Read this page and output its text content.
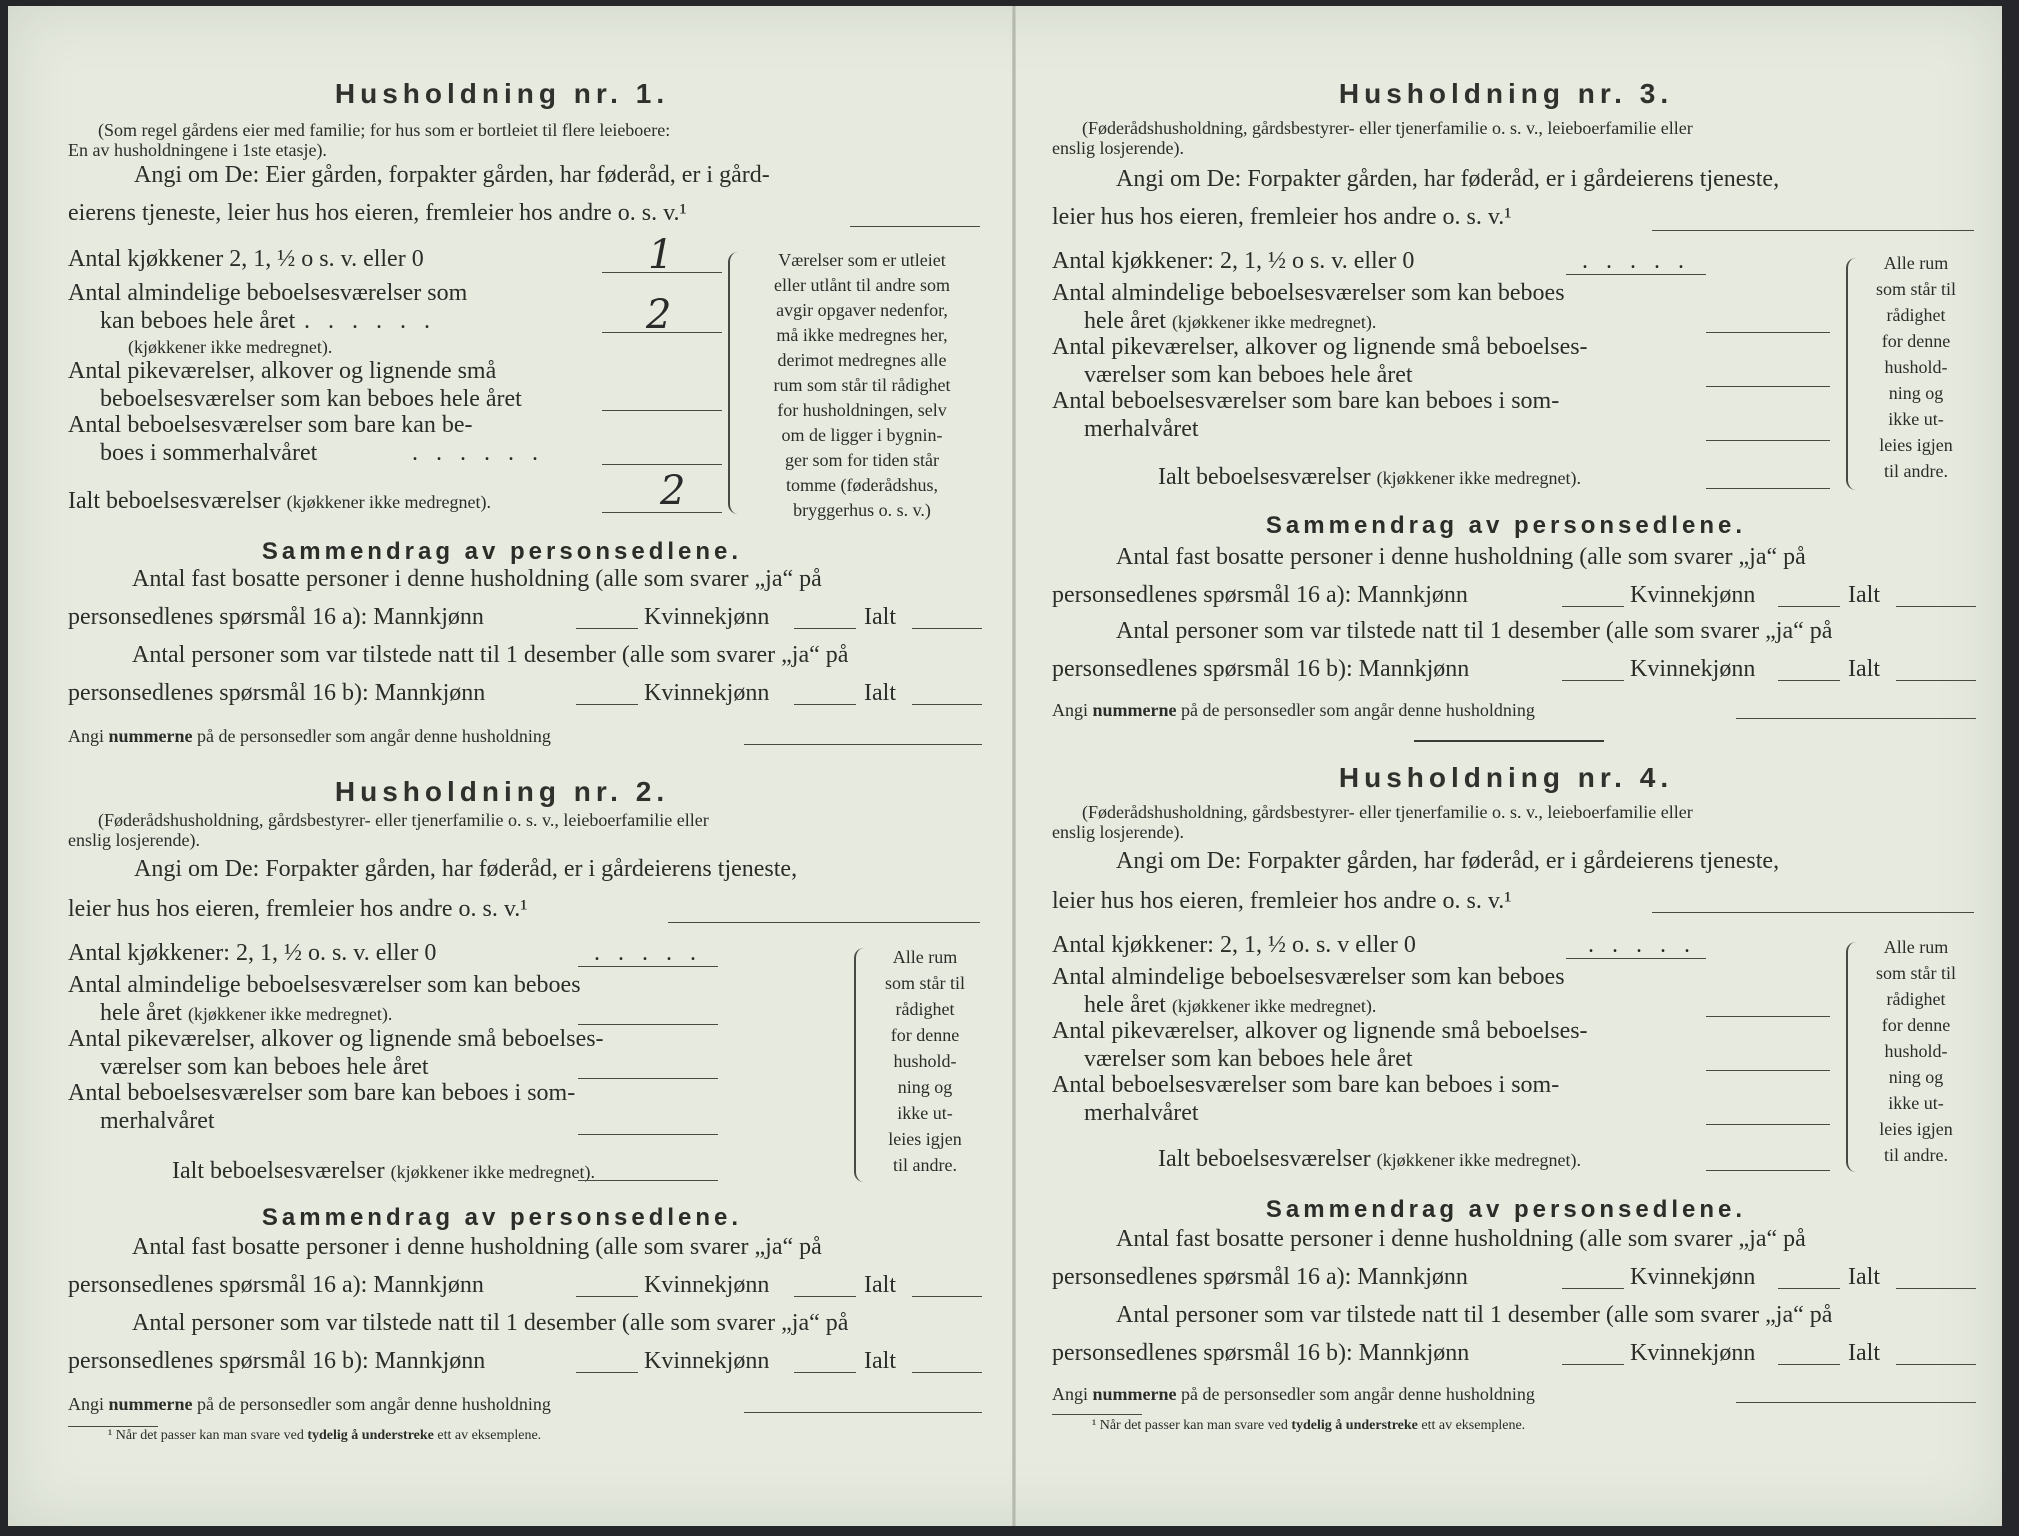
Husholdning nr. 1.
(Som regel gårdens eier med familie; for hus som er bortleiet til flere leieboere:
En av husholdningene i 1ste etasje).
Angi om De: Eier gården, forpakter gården, har føderåd, er i gård-
eierens tjeneste, leier hus hos eieren, fremleier hos andre o. s. v.¹
Antal kjøkkener 2, 1, ½ o s. v. eller 0	1
Antal almindelige beboelsesværelser som
kan beboes hele året
. . . . . . .	2
(kjøkkener ikke medregnet).
Antal pikeværelser, alkover og lignende små
beboelsesværelser som kan beboes hele året
Antal beboelsesværelser som bare kan be-
boes i sommerhalvåret	. . . . . .
Ialt beboelsesværelser (kjøkkener ikke medregnet).	2
Værelser som er utleiet
eller utlånt til andre som
avgir opgaver nedenfor,
må ikke medregnes her,
derimot medregnes alle
rum som står til rådighet
for husholdningen, selv
om de ligger i bygnin-
ger som for tiden står
tomme (føderådshus,
bryggerhus o. s. v.)
Sammendrag av personsedlene.
Antal fast bosatte personer i denne husholdning (alle som svarer „ja“ på
personsedlenes spørsmål 16 a): Mannkjønn	Kvinnekjønn	Ialt
Antal personer som var tilstede natt til 1 desember (alle som svarer „ja“ på
personsedlenes spørsmål 16 b): Mannkjønn	Kvinnekjønn	Ialt
Angi nummerne på de personsedler som angår denne husholdning
Husholdning nr. 2.
(Føderådshusholdning, gårdsbestyrer- eller tjenerfamilie o. s. v., leieboerfamilie eller
enslig losjerende).
Angi om De: Forpakter gården, har føderåd, er i gårdeierens tjeneste,
leier hus hos eieren, fremleier hos andre o. s. v.¹
Antal kjøkkener: 2, 1, ½ o. s. v. eller 0	. . . . .
Antal almindelige beboelsesværelser som kan beboes
hele året (kjøkkener ikke medregnet).
Antal pikeværelser, alkover og lignende små beboelses-
værelser som kan beboes hele året
Antal beboelsesværelser som bare kan beboes i som-
merhalvåret
Ialt beboelsesværelser (kjøkkener ikke medregnet).
Alle rum
som står til
rådighet
for denne
hushold-
ning og
ikke ut-
leies igjen
til andre.
Sammendrag av personsedlene.
Antal fast bosatte personer i denne husholdning (alle som svarer „ja“ på
personsedlenes spørsmål 16 a): Mannkjønn	Kvinnekjønn	Ialt
Antal personer som var tilstede natt til 1 desember (alle som svarer „ja“ på
personsedlenes spørsmål 16 b): Mannkjønn	Kvinnekjønn	Ialt
Angi nummerne på de personsedler som angår denne husholdning
¹ Når det passer kan man svare ved tydelig å understreke ett av eksemplene.
Husholdning nr. 3.
(Føderådshusholdning, gårdsbestyrer- eller tjenerfamilie o. s. v., leieboerfamilie eller
enslig losjerende).
Angi om De: Forpakter gården, har føderåd, er i gårdeierens tjeneste,
leier hus hos eieren, fremleier hos andre o. s. v.¹
Antal kjøkkener: 2, 1, ½ o s. v. eller 0	. . . . .
Antal almindelige beboelsesværelser som kan beboes
hele året (kjøkkener ikke medregnet).
Antal pikeværelser, alkover og lignende små beboelses-
værelser som kan beboes hele året
Antal beboelsesværelser som bare kan beboes i som-
merhalvåret
Ialt beboelsesværelser (kjøkkener ikke medregnet).
Alle rum
som står til
rådighet
for denne
hushold-
ning og
ikke ut-
leies igjen
til andre.
Sammendrag av personsedlene.
Antal fast bosatte personer i denne husholdning (alle som svarer „ja“ på
personsedlenes spørsmål 16 a): Mannkjønn	Kvinnekjønn	Ialt
Antal personer som var tilstede natt til 1 desember (alle som svarer „ja“ på
personsedlenes spørsmål 16 b): Mannkjønn	Kvinnekjønn	Ialt
Angi nummerne på de personsedler som angår denne husholdning
Husholdning nr. 4.
(Føderådshusholdning, gårdsbestyrer- eller tjenerfamilie o. s. v., leieboerfamilie eller
enslig losjerende).
Angi om De: Forpakter gården, har føderåd, er i gårdeierens tjeneste,
leier hus hos eieren, fremleier hos andre o. s. v.¹
Antal kjøkkener: 2, 1, ½ o. s. v eller 0	. . . . .
Antal almindelige beboelsesværelser som kan beboes
hele året (kjøkkener ikke medregnet).
Antal pikeværelser, alkover og lignende små beboelses-
værelser som kan beboes hele året
Antal beboelsesværelser som bare kan beboes i som-
merhalvåret
Ialt beboelsesværelser (kjøkkener ikke medregnet).
Alle rum
som står til
rådighet
for denne
hushold-
ning og
ikke ut-
leies igjen
til andre.
Sammendrag av personsedlene.
Antal fast bosatte personer i denne husholdning (alle som svarer „ja“ på
personsedlenes spørsmål 16 a): Mannkjønn	Kvinnekjønn	Ialt
Antal personer som var tilstede natt til 1 desember (alle som svarer „ja“ på
personsedlenes spørsmål 16 b): Mannkjønn	Kvinnekjønn	Ialt
Angi nummerne på de personsedler som angår denne husholdning
¹ Når det passer kan man svare ved tydelig å understreke ett av eksemplene.
